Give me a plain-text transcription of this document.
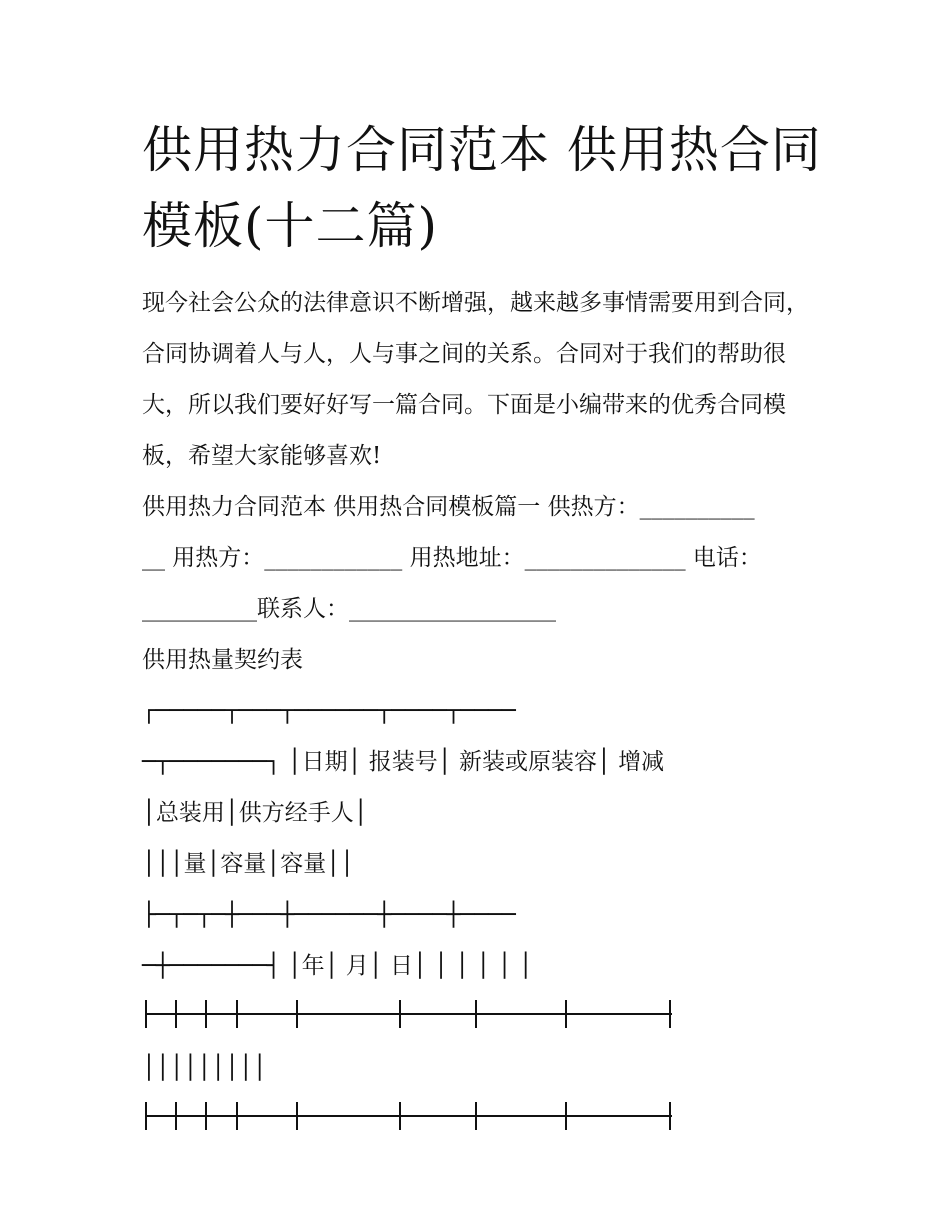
供用热力合同范本 供用热合同
模板(十二篇)

现今社会公众的法律意识不断增强，越来越多事情需要用到合同，合同协调着人与人，人与事之间的关系。合同对于我们的帮助很大，所以我们要好好写一篇合同。下面是小编带来的优秀合同模板，希望大家能够喜欢!

供用热力合同范本 供用热合同模板篇一 供热方：__________

__ 用热方：____________ 用热地址：______________ 电话：

__________联系人：__________________

供用热量契约表

┌─────┬───┬──────┬────┬────

─┬───────┐ │日期│ 报装号│ 新装或原装容│ 增减

│总装用│供方经手人│

│││量│容量│容量││

├─┬─┬─┼───┼──────┼────┼────

─┼───────┤ │年│ 月│ 日│ │ │ │ │ │

│││││││││
